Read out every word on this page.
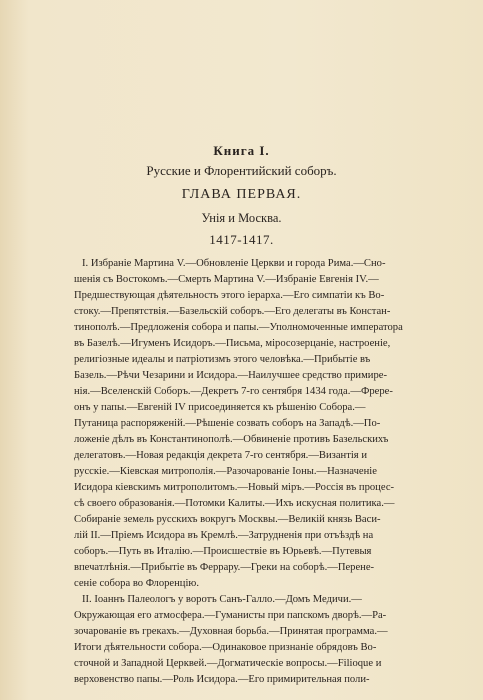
Книга I.
Русские и Флорентийский соборъ.
ГЛАВА ПЕРВАЯ.
Унія и Москва.
1417-1417.
I. Избраніе Мартина V.—Обновленіе Церкви и города Рима.—Сно-
шенія съ Востокомъ.—Смерть Мартина V.—Избраніе Евгенія IV.—
Предшествующая дѣятельность этого іерарха.—Его симпатіи къ Во-
стоку.—Препятствія.—Базельскій соборъ.—Его делегаты въ Констан-
тинополѣ.—Предложенія собора и папы.—Уполномоченные императора
въ Базелѣ.—Игуменъ Исидоръ.—Письма, міросозерцаніе, настроеніе,
религіозные идеалы и патріотизмъ этого человѣка.—Прибытіе въ
Базель.—Рѣчи Чезарини и Исидора.—Наилучшее средство примире-
нія.—Вселенскій Соборъ.—Декретъ 7-го сентября 1434 года.—Фрере-
онъ у папы.—Евгеній IV присоединяется къ рѣшенію Собора.—
Путаница распоряженій.—Рѣшеніе созвать соборъ на Западѣ.—По-
ложеніе дѣлъ въ Константинополѣ.—Обвиненіе противъ Базельскихъ
делегатовъ.—Новая редакція декрета 7-го сентября.—Византія и
русскіе.—Кіевская митрополія.—Разочарованіе Іоны.—Назначеніе
Исидора кіевскимъ митрополитомъ.—Новый міръ.—Россія въ процес-
сѣ своего образованія.—Потомки Калиты.—Ихъ искусная политика.—
Собираніе земель русскихъ вокругъ Москвы.—Великій князь Васи-
лій II.—Пріемъ Исидора въ Кремлѣ.—Затрудненія при отъѣздѣ на
соборъ.—Путь въ Италію.—Происшествіе въ Юрьевѣ.—Путевыя
впечатлѣнія.—Прибытіе въ Феррару.—Греки на соборѣ.—Перене-
сеніе собора во Флоренцію.
II. Іоаннъ Палеологъ у воротъ Санъ-Галло.—Домъ Медичи.—
Окружающая его атмосфера.—Гуманисты при папскомъ дворѣ.—Ра-
зочарованіе въ грекахъ.—Духовная борьба.—Принятая программа.—
Итоги дѣятельности собора.—Одинаковое признаніе обрядовъ Во-
сточной и Западной Церквей.—Догматическіе вопросы.—Filioque и
верховенство папы.—Роль Исидора.—Его примирительная поли-
